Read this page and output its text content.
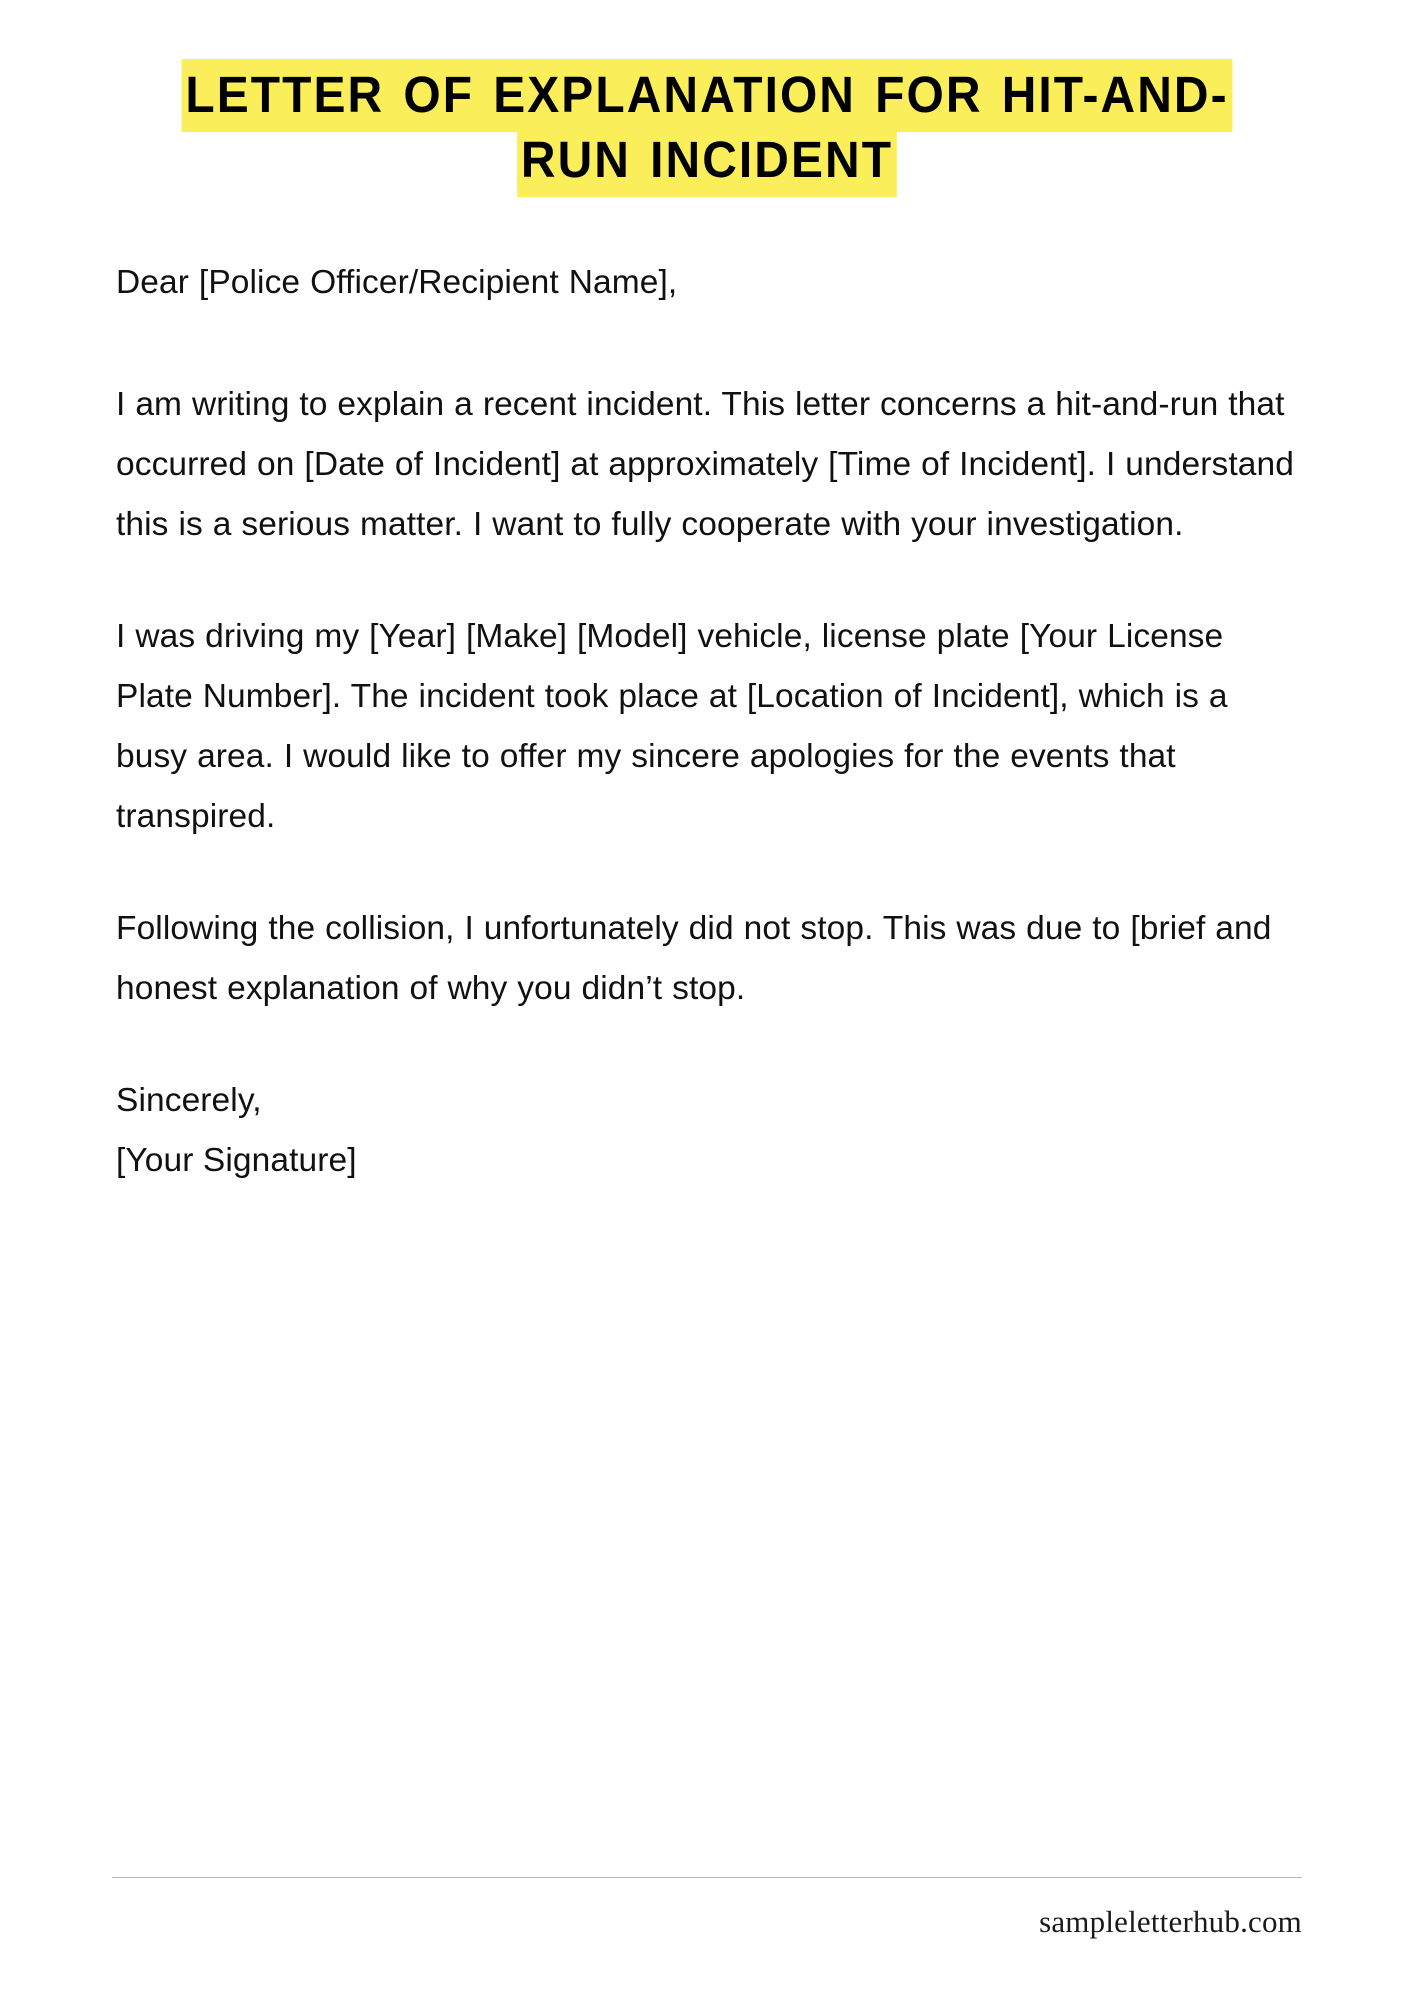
LETTER OF EXPLANATION FOR HIT-AND-RUN INCIDENT

Dear [Police Officer/Recipient Name],

I am writing to explain a recent incident. This letter concerns a hit-and-run that occurred on [Date of Incident] at approximately [Time of Incident]. I understand this is a serious matter. I want to fully cooperate with your investigation.

I was driving my [Year] [Make] [Model] vehicle, license plate [Your License Plate Number]. The incident took place at [Location of Incident], which is a busy area. I would like to offer my sincere apologies for the events that transpired.

Following the collision, I unfortunately did not stop. This was due to [brief and honest explanation of why you didn’t stop.

Sincerely,

[Your Signature]

sampleletterhub.com
